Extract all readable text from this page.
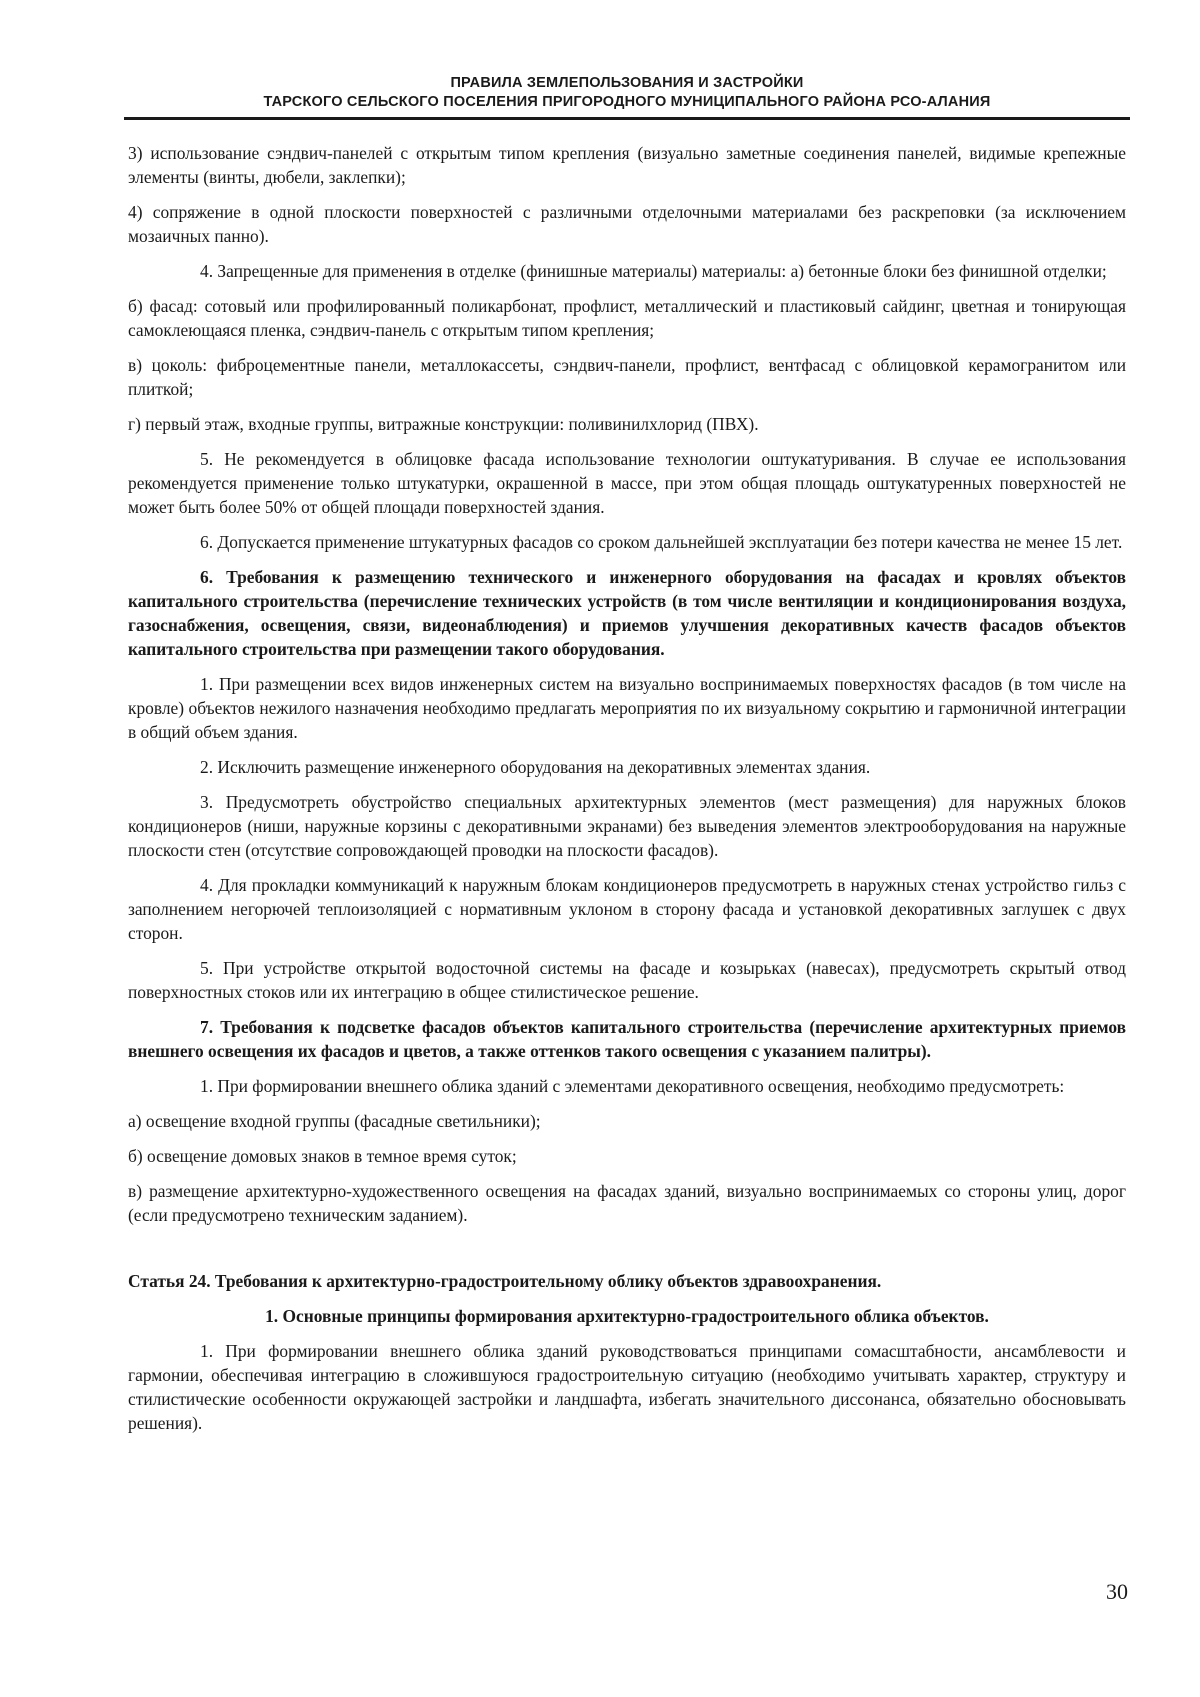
ПРАВИЛА ЗЕМЛЕПОЛЬЗОВАНИЯ И ЗАСТРОЙКИ
ТАРСКОГО СЕЛЬСКОГО ПОСЕЛЕНИЯ ПРИГОРОДНОГО МУНИЦИПАЛЬНОГО РАЙОНА РСО-АЛАНИЯ

3) использование сэндвич-панелей с открытым типом крепления (визуально заметные соединения панелей, видимые крепежные элементы (винты, дюбели, заклепки);

4) сопряжение в одной плоскости поверхностей с различными отделочными материалами без раскреповки (за исключением мозаичных панно).

4. Запрещенные для применения в отделке (финишные материалы) материалы: а) бетонные блоки без финишной отделки;

б) фасад: сотовый или профилированный поликарбонат, профлист, металлический и пластиковый сайдинг, цветная и тонирующая самоклеющаяся пленка, сэндвич-панель с открытым типом крепления;

в) цоколь: фиброцементные панели, металлокассеты, сэндвич-панели, профлист, вентфасад с облицовкой керамогранитом или плиткой;

г) первый этаж, входные группы, витражные конструкции: поливинилхлорид (ПВХ).

5. Не рекомендуется в облицовке фасада использование технологии оштукатуривания. В случае ее использования рекомендуется применение только штукатурки, окрашенной в массе, при этом общая площадь оштукатуренных поверхностей не может быть более 50% от общей площади поверхностей здания.

6. Допускается применение штукатурных фасадов со сроком дальнейшей эксплуатации без потери качества не менее 15 лет.

6. Требования к размещению технического и инженерного оборудования на фасадах и кровлях объектов капитального строительства (перечисление технических устройств (в том числе вентиляции и кондиционирования воздуха, газоснабжения, освещения, связи, видеонаблюдения) и приемов улучшения декоративных качеств фасадов объектов капитального строительства при размещении такого оборудования.

1. При размещении всех видов инженерных систем на визуально воспринимаемых поверхностях фасадов (в том числе на кровле) объектов нежилого назначения необходимо предлагать мероприятия по их визуальному сокрытию и гармоничной интеграции в общий объем здания.

2. Исключить размещение инженерного оборудования на декоративных элементах здания.

3. Предусмотреть обустройство специальных архитектурных элементов (мест размещения) для наружных блоков кондиционеров (ниши, наружные корзины с декоративными экранами) без выведения элементов электрооборудования на наружные плоскости стен (отсутствие сопровождающей проводки на плоскости фасадов).

4. Для прокладки коммуникаций к наружным блокам кондиционеров предусмотреть в наружных стенах устройство гильз с заполнением негорючей теплоизоляцией с нормативным уклоном в сторону фасада и установкой декоративных заглушек с двух сторон.

5. При устройстве открытой водосточной системы на фасаде и козырьках (навесах), предусмотреть скрытый отвод поверхностных стоков или их интеграцию в общее стилистическое решение.

7. Требования к подсветке фасадов объектов капитального строительства (перечисление архитектурных приемов внешнего освещения их фасадов и цветов, а также оттенков такого освещения с указанием палитры).

1. При формировании внешнего облика зданий с элементами декоративного освещения, необходимо предусмотреть:

а) освещение входной группы (фасадные светильники);

б) освещение домовых знаков в темное время суток;

в) размещение архитектурно-художественного освещения на фасадах зданий, визуально воспринимаемых со стороны улиц, дорог (если предусмотрено техническим заданием).

Статья 24. Требования к архитектурно-градостроительному облику объектов здравоохранения.

1. Основные принципы формирования архитектурно-градостроительного облика объектов.

1. При формировании внешнего облика зданий руководствоваться принципами сомасштабности, ансамблевости и гармонии, обеспечивая интеграцию в сложившуюся градостроительную ситуацию (необходимо учитывать характер, структуру и стилистические особенности окружающей застройки и ландшафта, избегать значительного диссонанса, обязательно обосновывать решения).

30
